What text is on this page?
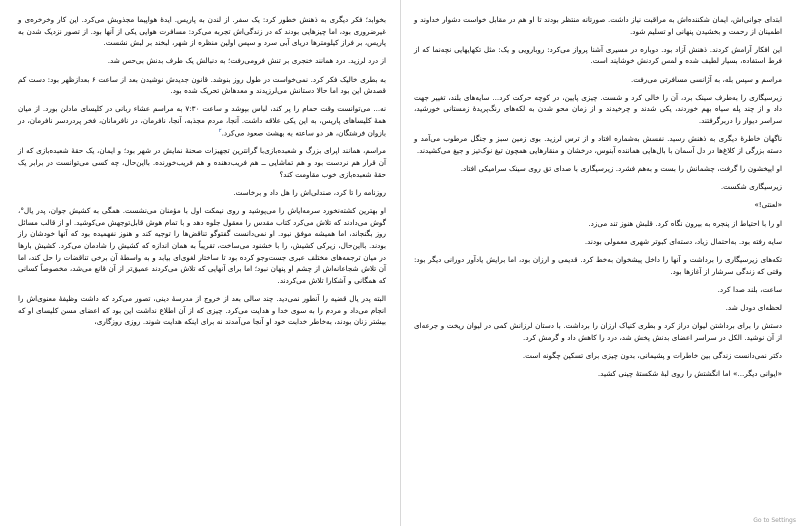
بخوابد؛ فکر دیگری به ذهنش خطور کرد: یک سفر. از لندن به پاریس. ایدهٔ هواپیما مجذوبش می‌کرد. این کار وخرخره‌ی و غیرضروری بود، اما چیزهایی بودند که در زندگی‌اش تجربه می‌کرد: مسافرت هوایی یکی از آنها بود. از تصور نزدیک شدن به پاریس، بر فراز کیلومترها دریای آبی سرد و سپس اولین منظره از شهر، لبخند بر لبش نشست.

از درد لرزید. درد همانند خنجری بر تنش فرومی‌رفت؛ به دنبالش یک طرف بدنش بی‌حس شد.

به بطری خالیک فکر کرد. نمی‌خواست در طول روز بنوشد. قانون جدیدش نوشیدن بعد از ساعت ۶ بعدازظهر بود: دست کم قصدش این بود اما حالا دستانش می‌لرزیدند و معدهاش تحریک شده بود.

نه... می‌توانست وقت حمام را پر کند، لباس بپوشد و ساعت ۷:۳۰ به مراسم عشاء ربانی در کلیسای مادلن بورد. از میان همهٔ کلیساهای پاریس، به این یکی علاقه داشت. آنجا، مردم مجذبه، آنجا، نافرمان، در نافرمانان، فخر پردردسر نافرمان، در بازوان فرشتگان، هر دو ساعته به بهشت صعود می‌کرد.$^۲$

مراسم، همانند اپرای بزرگ و شعبده‌بازی‌با گرانترین تجهیزات صحنهٔ نمایش در شهر بود؛ و ایمان، یک حقهٔ شعبده‌بازی که از آن قرار هم نردست بود و هم تماشایی ــ هم فریب‌دهنده و هم فریب‌خورنده. بااین‌حال، چه کسی می‌توانست در برابر یک حقهٔ شعبده‌بازی خوب مقاومت کند؟

روزنامه را تا کرد، صندلی‌اش را هل داد و برخاست.

او بهترین کشته‌نخورد سرمه‌ایاش را می‌پوشید و روی نیمکت اول با مؤمنان می‌نشست. همگی به کشیش جوان، پدر یال°، گوش می‌دادند که تلاش می‌کرد کتاب مقدس را معقول جلوه دهد و با تمام هوش قابل‌توجهش می‌کوشید. او از قالب مسائل روز بگنجاند، اما همیشه موفق نبود. او نمی‌دانست گفتوگو تناقض‌ها را توجیه کند و هنوز نفهمیده بود که آنها خودشان راز بودند. بااین‌حال، زیرکی کشیش، را با خشنود می‌ساخت، تقریباً به همان اندازه که کشیش را شادمان می‌کرد. کشیش بارها در میان ترجمه‌های مختلف عبری جست‌وجو کرده بود تا ساختار لغوی‌ای بیابد و به واسطهٔ آن برخی تناقضات را حل کند، اما آن تلاش شجاعانه‌اش از چشم او پنهان نبود؛ اما برای آنهایی که تلاش می‌کردند عمیق‌تر از آن قانع می‌شد، مخصوصاً کسانی که همگانی و آشکارا تلاش می‌کردند.

البته پدر یال قضیه را آنطور نمی‌دید. چند سالی بعد از خروج از مدرسهٔ دینی، تصور می‌کرد که داشت وظیفهٔ معنوی‌اش را انجام می‌داد و مردم را به سوی خدا و هدایت می‌کرد. چیزی که از آن اطلاع نداشت این بود که اعضای مسن کلیسای او که بیشتر زنان بودند، به‌خاطر خدابت خود او آنجا می‌آمدند نه برای اینکه هدایت شوند. روزی روزگاری،

ابتدای جوانی‌اش، ایمان شکننده‌اش به مراقبت نیاز داشت. صورتانه منتظر بودند تا او هم در مقابل خواست دشوار خداوند و اطمینان از رحمت و بخشیدن پنهانی او تسلیم شود.

این افکار آرامش کردند. ذهنش آزاد بود. دوباره در مسیری آشنا پرواز می‌کرد: روبارویی و یک: مثل تکهایهایی نچه‌نما که از فرط استفاده، بسیار لطیف شده و لمس کردنش خوشایند است.

مراسم و سپس بله، به آژانسی مسافرتی می‌رفت.

زیرسیگاری را به‌طرف سینک برد، آن را خالی کرد و شست. چیزی پایین، در کوچه حرکت کرد... سایه‌های بلند، تغییر جهت داد و از چند پله سیاه بهم خوردند، یکی شدند و چرخیدند و از زمان محو شدن به لکه‌های رنگ‌پریدهٔ زمستانی خورشید، سراسر دیوار را دربرگرفتند.

ناگهان خاطرهٔ دیگری به ذهنش رسید. نفسش به‌شماره افتاد و از ترس لرزید. بوی زمین سبز و جنگل مرطوب می‌آمد و دسته بزرگی از کلاغ‌ها در دل آسمان با بال‌هایی هماننده آبنوس، درخشان و منقارهایی همچون تیغ نوک‌تیز و جیغ می‌کشیدند.

او ایپخشون را گرفت، چشمانش را بست و به‌هم فشرد. زیرسیگاری با صدای تق روی سینک سرامیکی افتاد.

زیرسیگاری شکست.

«لعنتی!»

او را با احتیاط از پنجره به بیرون نگاه کرد. قلبش هنوز تند می‌زد.

سایه رفته بود. به‌احتمال زیاد، دسته‌ای کبوتر شهری معمولی بودند.

تکه‌های زیرسیگاری را برداشت و آنها را داخل پیشخوان به‌خط کرد. قدیمی و ارزان بود، اما برایش یادآور دورانی دیگر بود: وقتی که زندگی سرشار از آغازها بود.

ساعت، بلند صدا کرد.

لحظه‌ای دودل شد.

دستش را برای برداشتن لیوان دراز کرد و بطری کنیاک ارزان را برداشت. با دستان لرزانش کمی در لیوان ریخت و جرعه‌ای از آن نوشید. الکل در سراسر اعضای بدنش پخش شد، درد را کاهش داد و گرمش کرد.

دکتر نمی‌دانست زندگی بین خاطرات و پشیمانی، بدون چیزی برای تسکین چگونه است.

«ایوانی دیگر...» اما انگشتش را روی لبهٔ شکستهٔ چینی کشید.

Go to Settings
